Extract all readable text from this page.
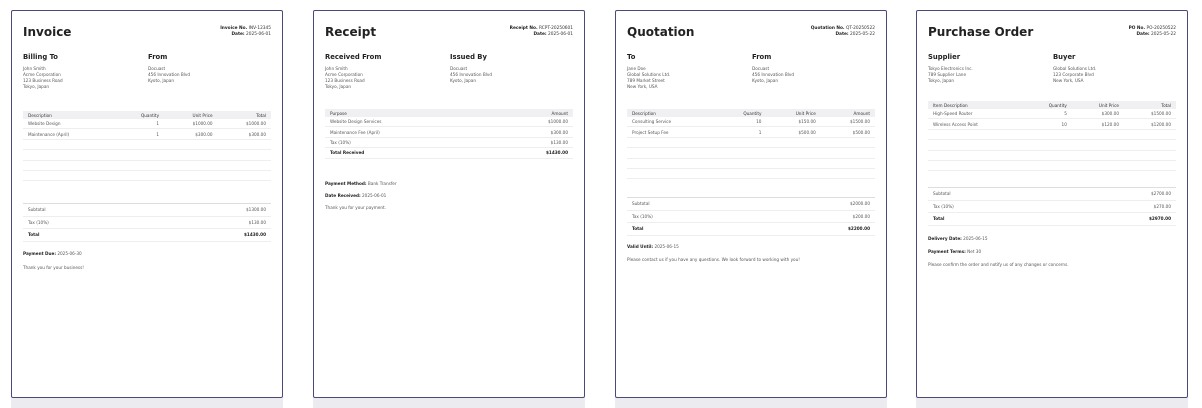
Invoice	Invoice No. INV-12345
Date: 2025-06-01
Billing To
John Smith
Acme Corporation
123 Business Road
Tokyo, Japan
From
Docuast
456 Innovation Blvd
Kyoto, Japan
Description	Quantity	Unit Price	Total
Website Design	1	$1000.00	$1000.00
Maintenance (April)	1	$300.00	$300.00

Subtotal	$1300.00
Tax (10%)	$130.00
Total	$1430.00
Payment Due: 2025-06-30
Thank you for your business!
Receipt	Receipt No. RCPT-20250601
Date: 2025-06-01
Received From
John Smith
Acme Corporation
123 Business Road
Tokyo, Japan
Issued By
Docuast
456 Innovation Blvd
Kyoto, Japan
Purpose	Amount
Website Design Services	$1000.00
Maintenance Fee (April)	$300.00
Tax (10%)	$130.00
Total Received	$1430.00
Payment Method: Bank Transfer
Date Received: 2025-06-01
Thank you for your payment.
Quotation	Quotation No. QT-20250522
Date: 2025-05-22
To
Jane Doe
Global Solutions Ltd.
789 Market Street
New York, USA
From
Docuast
456 Innovation Blvd
Kyoto, Japan
Description	Quantity	Unit Price	Amount
Consulting Service	10	$150.00	$1500.00
Project Setup Fee	1	$500.00	$500.00

Subtotal	$2000.00
Tax (10%)	$200.00
Total	$2200.00
Valid Until: 2025-06-15
Please contact us if you have any questions. We look forward to working with you!
Purchase Order	PO No. PO-20250522
Date: 2025-05-22
Supplier
Tokyo Electronics Inc.
789 Supplier Lane
Tokyo, Japan
Buyer
Global Solutions Ltd.
123 Corporate Blvd
New York, USA
Item Description	Quantity	Unit Price	Total
High-Speed Router	5	$300.00	$1500.00
Wireless Access Point	10	$120.00	$1200.00

Subtotal	$2700.00
Tax (10%)	$270.00
Total	$2970.00
Delivery Date: 2025-06-15
Payment Terms: Net 30
Please confirm the order and notify us of any changes or concerns.
